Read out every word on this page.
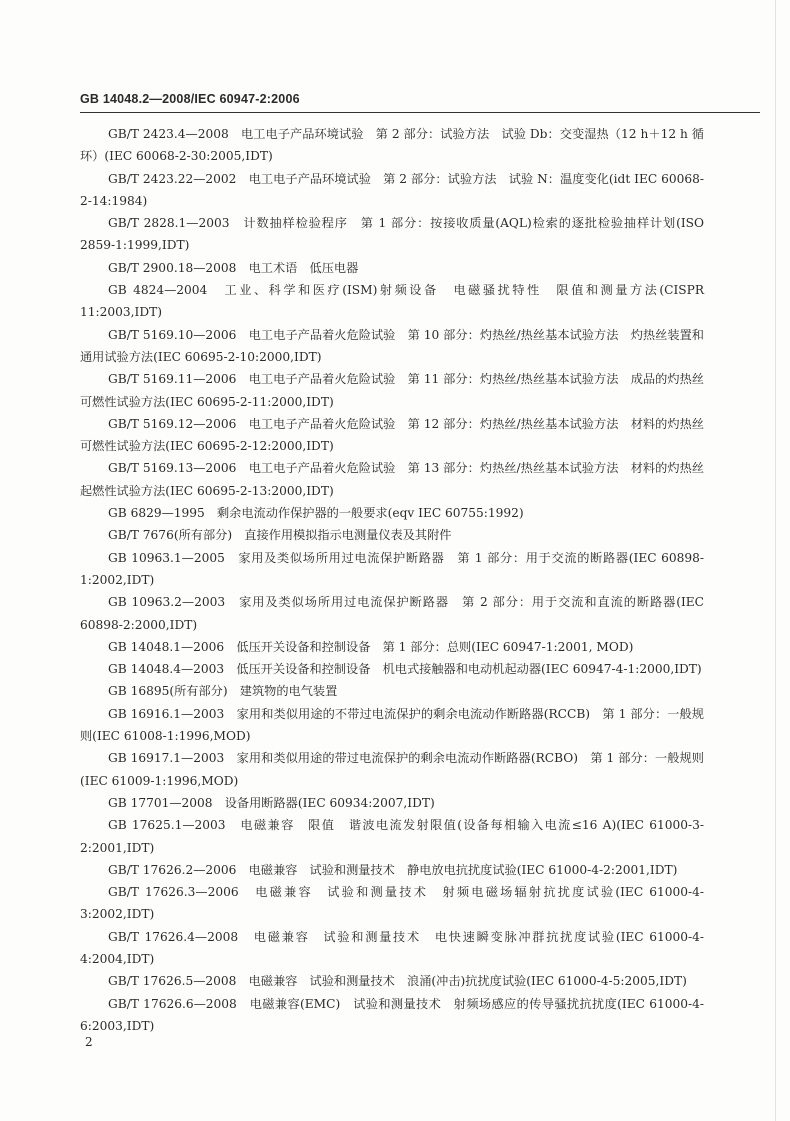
GB 14048.2—2008/IEC 60947-2:2006

GB/T 2423.4—2008　电工电子产品环境试验　第 2 部分：试验方法　试验 Db：交变湿热（12 h＋12 h 循环）(IEC 60068-2-30:2005,IDT)

GB/T 2423.22—2002　电工电子产品环境试验　第 2 部分：试验方法　试验 N：温度变化(idt IEC 60068-2-14:1984)

GB/T 2828.1—2003　计数抽样检验程序　第 1 部分：按接收质量(AQL)检索的逐批检验抽样计划(ISO 2859-1:1999,IDT)

GB/T 2900.18—2008　电工术语　低压电器

GB 4824—2004　工业、科学和医疗(ISM)射频设备　电磁骚扰特性　限值和测量方法(CISPR 11:2003,IDT)

GB/T 5169.10—2006　电工电子产品着火危险试验　第 10 部分：灼热丝/热丝基本试验方法　灼热丝装置和通用试验方法(IEC 60695-2-10:2000,IDT)

GB/T 5169.11—2006　电工电子产品着火危险试验　第 11 部分：灼热丝/热丝基本试验方法　成品的灼热丝可燃性试验方法(IEC 60695-2-11:2000,IDT)

GB/T 5169.12—2006　电工电子产品着火危险试验　第 12 部分：灼热丝/热丝基本试验方法　材料的灼热丝可燃性试验方法(IEC 60695-2-12:2000,IDT)

GB/T 5169.13—2006　电工电子产品着火危险试验　第 13 部分：灼热丝/热丝基本试验方法　材料的灼热丝起燃性试验方法(IEC 60695-2-13:2000,IDT)

GB 6829—1995　剩余电流动作保护器的一般要求(eqv IEC 60755:1992)

GB/T 7676(所有部分)　直接作用模拟指示电测量仪表及其附件

GB 10963.1—2005　家用及类似场所用过电流保护断路器　第 1 部分：用于交流的断路器(IEC 60898-1:2002,IDT)

GB 10963.2—2003　家用及类似场所用过电流保护断路器　第 2 部分：用于交流和直流的断路器(IEC 60898-2:2000,IDT)

GB 14048.1—2006　低压开关设备和控制设备　第 1 部分：总则(IEC 60947-1:2001, MOD)

GB 14048.4—2003　低压开关设备和控制设备　机电式接触器和电动机起动器(IEC 60947-4-1:2000,IDT)

GB 16895(所有部分)　建筑物的电气装置

GB 16916.1—2003　家用和类似用途的不带过电流保护的剩余电流动作断路器(RCCB)　第 1 部分：一般规则(IEC 61008-1:1996,MOD)

GB 16917.1—2003　家用和类似用途的带过电流保护的剩余电流动作断路器(RCBO)　第 1 部分：一般规则(IEC 61009-1:1996,MOD)

GB 17701—2008　设备用断路器(IEC 60934:2007,IDT)

GB 17625.1—2003　电磁兼容　限值　谐波电流发射限值(设备每相输入电流≤16 A)(IEC 61000-3-2:2001,IDT)

GB/T 17626.2—2006　电磁兼容　试验和测量技术　静电放电抗扰度试验(IEC 61000-4-2:2001,IDT)

GB/T 17626.3—2006　电磁兼容　试验和测量技术　射频电磁场辐射抗扰度试验(IEC 61000-4-3:2002,IDT)

GB/T 17626.4—2008　电磁兼容　试验和测量技术　电快速瞬变脉冲群抗扰度试验(IEC 61000-4-4:2004,IDT)

GB/T 17626.5—2008　电磁兼容　试验和测量技术　浪涌(冲击)抗扰度试验(IEC 61000-4-5:2005,IDT)

GB/T 17626.6—2008　电磁兼容(EMC)　试验和测量技术　射频场感应的传导骚扰抗扰度(IEC 61000-4-6:2003,IDT)

2
